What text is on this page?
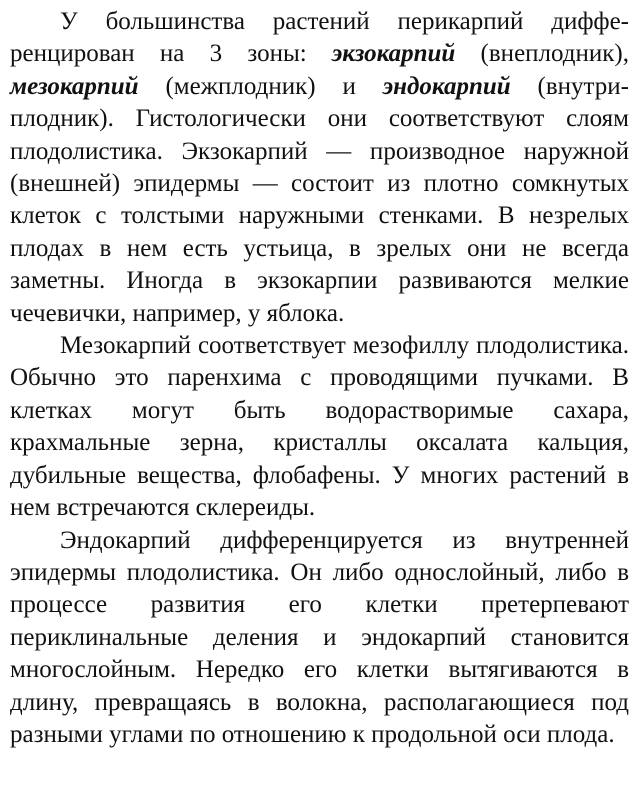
У большинства растений перикарпий дифференцирован на 3 зоны: экзокарпий (внеплодник), мезокарпий (межплодник) и эндокарпий (внутриплодник). Гистологически они соответствуют слоям плодолистика. Экзокарпий — производное наружной (внешней) эпидермы — состоит из плотно сомкнутых клеток с толстыми наружными стенками. В незрелых плодах в нем есть устьица, в зрелых они не всегда заметны. Иногда в экзокарпии развиваются мелкие чечевички, например, у яблока.

Мезокарпий соответствует мезофиллу плодолистика. Обычно это паренхима с проводящими пучками. В клетках могут быть водорастворимые сахара, крахмальные зерна, кристаллы оксалата кальция, дубильные вещества, флобафены. У многих растений в нем встречаются склереиды.

Эндокарпий дифференцируется из внутренней эпидермы плодолистика. Он либо однослойный, либо в процессе развития его клетки претерпевают периклинальные деления и эндокарпий становится многослойным. Нередко его клетки вытягиваются в длину, превращаясь в волокна, располагающиеся под разными углами по отношению к продольной оси плода.
